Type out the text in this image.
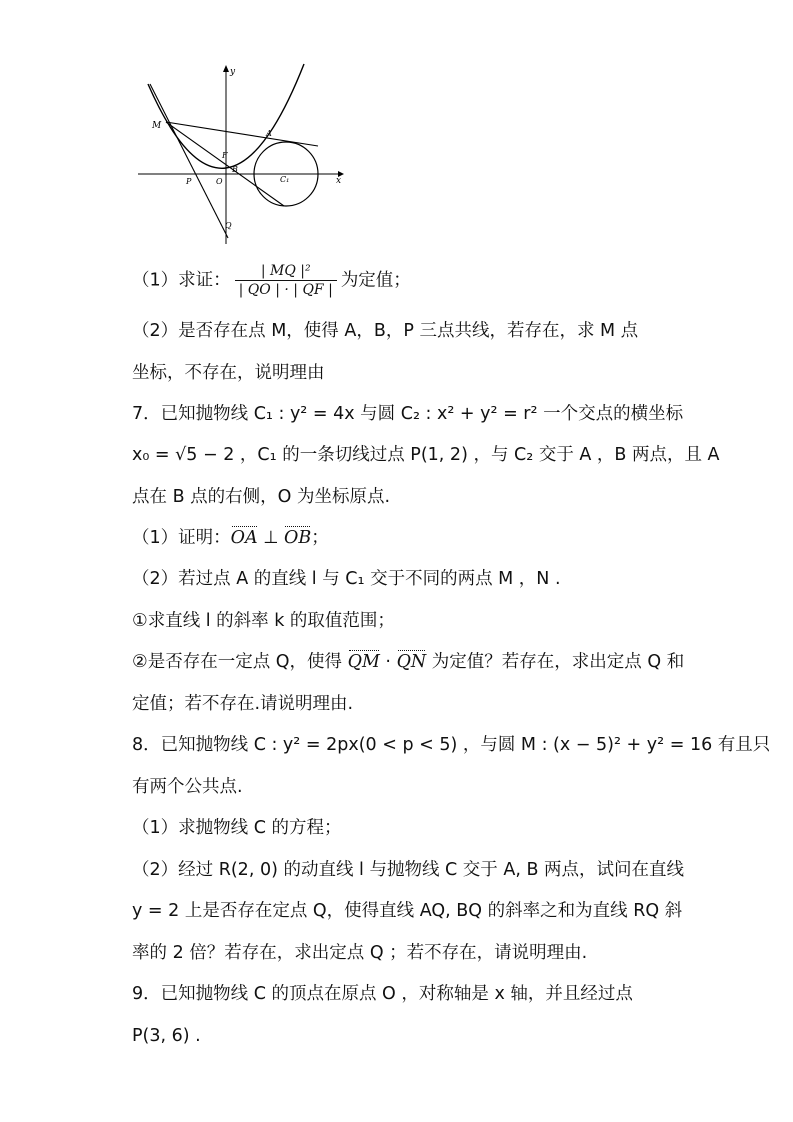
y
x
M
A
F
B
P	O	C₁
Q
（1）求证： $\frac{\text{| MQ |²}}{| QO | \cdot | QF |}$ 为定值；
（2）是否存在点 M，使得 A，B，P 三点共线，若存在，求 M 点
坐标，不存在，说明理由
7．已知抛物线 C₁ : y² = 4x 与圆 C₂ : x² + y² = r² 一个交点的横坐标
x₀ = √5 − 2 ，C₁ 的一条切线过点 P(1, 2) ，与 C₂ 交于 A ，B 两点，且 A
点在 B 点的右侧，O 为坐标原点.
（1）证明：OA ⊥ OB；
（2）若过点 A 的直线 l 与 C₁ 交于不同的两点 M ，N .
①求直线 l 的斜率 k 的取值范围；
②是否存在一定点 Q，使得 QM · QN 为定值？若存在，求出定点 Q 和
定值；若不存在.请说明理由.
8．已知抛物线 C : y² = 2px(0 < p < 5) ，与圆 M : (x − 5)² + y² = 16 有且只
有两个公共点.
（1）求抛物线 C 的方程；
（2）经过 R(2, 0) 的动直线 l 与抛物线 C 交于 A, B 两点，试问在直线
y = 2 上是否存在定点 Q，使得直线 AQ, BQ 的斜率之和为直线 RQ 斜
率的 2 倍？若存在，求出定点 Q ；若不存在，请说明理由.
9．已知抛物线 C 的顶点在原点 O ，对称轴是 x 轴，并且经过点
P(3, 6) .
